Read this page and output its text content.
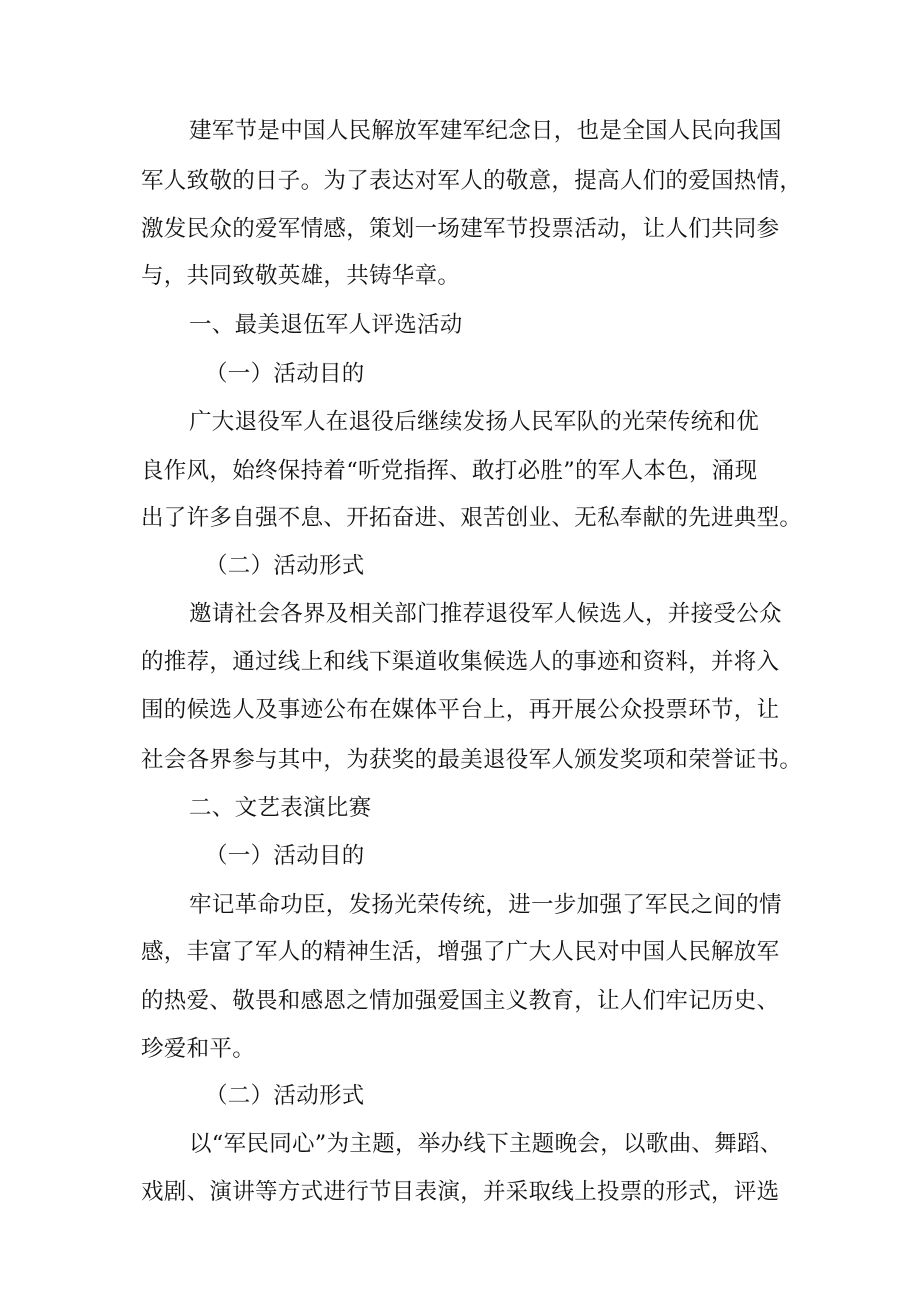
建军节是中国人民解放军建军纪念日，也是全国人民向我国
军人致敬的日子。为了表达对军人的敬意，提高人们的爱国热情，
激发民众的爱军情感，策划一场建军节投票活动，让人们共同参
与，共同致敬英雄，共铸华章。
一、最美退伍军人评选活动
（一）活动目的
广大退役军人在退役后继续发扬人民军队的光荣传统和优
良作风，始终保持着“听党指挥、敢打必胜”的军人本色，涌现
出了许多自强不息、开拓奋进、艰苦创业、无私奉献的先进典型。
（二）活动形式
邀请社会各界及相关部门推荐退役军人候选人，并接受公众
的推荐，通过线上和线下渠道收集候选人的事迹和资料，并将入
围的候选人及事迹公布在媒体平台上，再开展公众投票环节，让
社会各界参与其中，为获奖的最美退役军人颁发奖项和荣誉证书。
二、文艺表演比赛
（一）活动目的
牢记革命功臣，发扬光荣传统，进一步加强了军民之间的情
感，丰富了军人的精神生活，增强了广大人民对中国人民解放军
的热爱、敬畏和感恩之情加强爱国主义教育，让人们牢记历史、
珍爱和平。
（二）活动形式
以“军民同心”为主题，举办线下主题晚会，以歌曲、舞蹈、
戏剧、演讲等方式进行节目表演，并采取线上投票的形式，评选
